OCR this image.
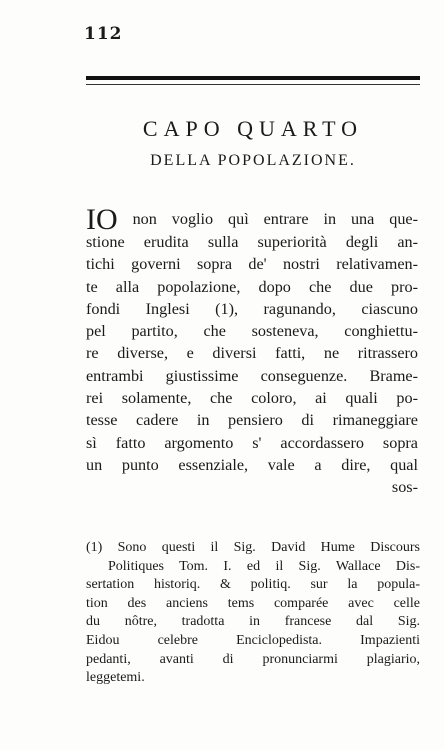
112
CAPO QUARTO
DELLA POPOLAZIONE.
IO non voglio quì entrare in una que-
stione erudita sulla superiorità degli an-
tichi governi sopra de' nostri relativamen-
te alla popolazione, dopo che due pro-
fondi Inglesi (1), ragunando, ciascuno
pel partito, che sosteneva, conghiettu-
re diverse, e diversi fatti, ne ritrassero
entrambi giustissime conseguenze. Brame-
rei solamente, che coloro, ai quali po-
tesse cadere in pensiero di rimaneggiare
sì fatto argomento s' accordassero sopra
un punto essenziale, vale a dire, qual
sos-
(1) Sono questi il Sig. David Hume Discours
Politiques Tom. I. ed il Sig. Wallace Dis-
sertation historiq. & politiq. sur la popula-
tion des anciens tems comparée avec celle
du nôtre, tradotta in francese dal Sig.
Eidou celebre Enciclopedista. Impazienti
pedanti, avanti di pronunciarmi plagiario,
leggetemi.
